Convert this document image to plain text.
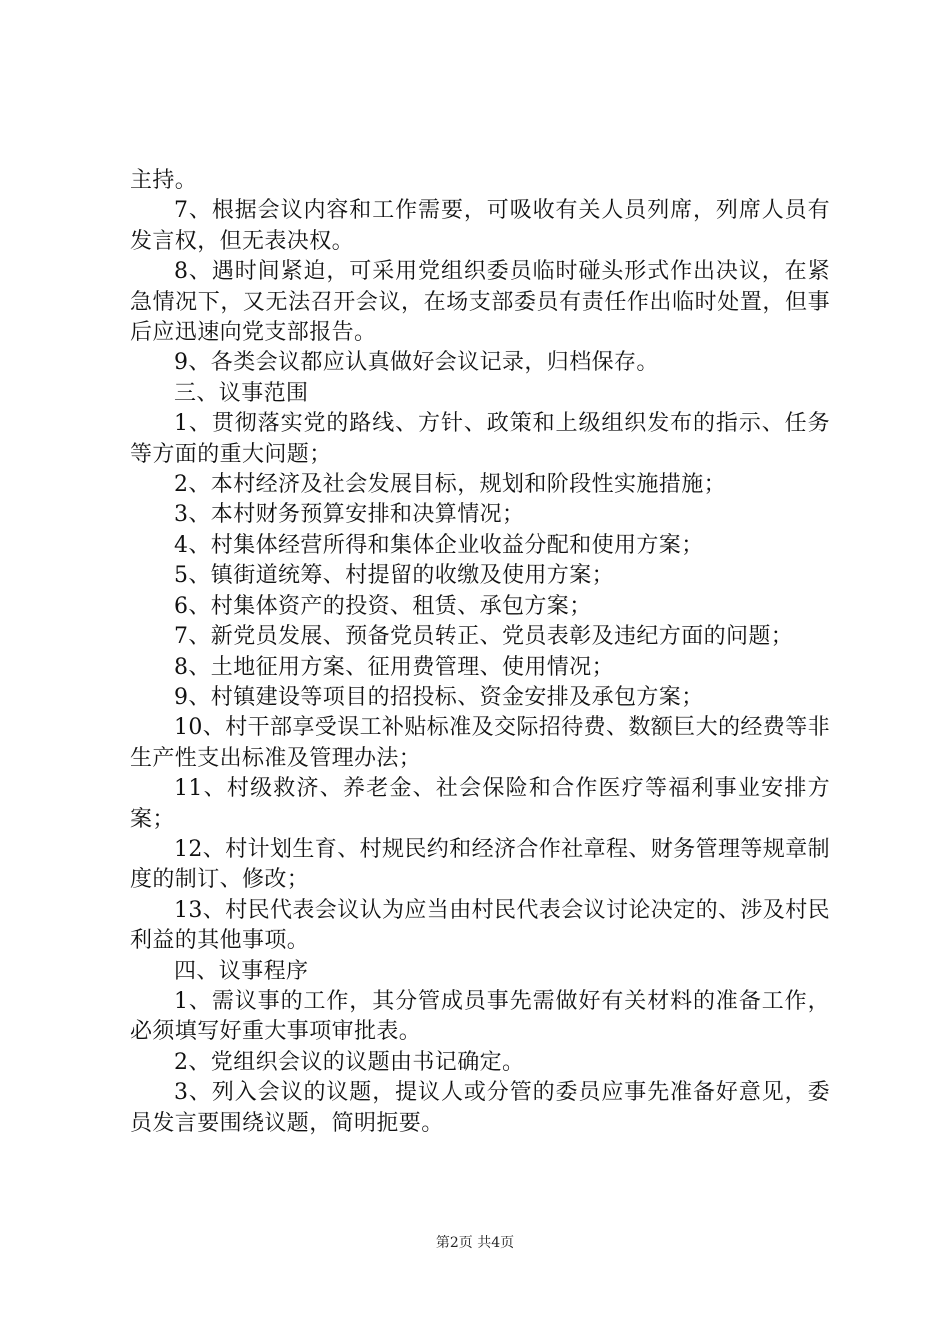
主持。

7、根据会议内容和工作需要，可吸收有关人员列席，列席人员有发言权，但无表决权。

8、遇时间紧迫，可采用党组织委员临时碰头形式作出决议，在紧急情况下，又无法召开会议，在场支部委员有责任作出临时处置，但事后应迅速向党支部报告。

9、各类会议都应认真做好会议记录，归档保存。

三、议事范围

1、贯彻落实党的路线、方针、政策和上级组织发布的指示、任务等方面的重大问题；

2、本村经济及社会发展目标，规划和阶段性实施措施；

3、本村财务预算安排和决算情况；

4、村集体经营所得和集体企业收益分配和使用方案；

5、镇街道统筹、村提留的收缴及使用方案；

6、村集体资产的投资、租赁、承包方案；

7、新党员发展、预备党员转正、党员表彰及违纪方面的问题；

8、土地征用方案、征用费管理、使用情况；

9、村镇建设等项目的招投标、资金安排及承包方案；

10、村干部享受误工补贴标准及交际招待费、数额巨大的经费等非生产性支出标准及管理办法；

11、村级救济、养老金、社会保险和合作医疗等福利事业安排方案；

12、村计划生育、村规民约和经济合作社章程、财务管理等规章制度的制订、修改；

13、村民代表会议认为应当由村民代表会议讨论决定的、涉及村民利益的其他事项。

四、议事程序

1、需议事的工作，其分管成员事先需做好有关材料的准备工作，必须填写好重大事项审批表。

2、党组织会议的议题由书记确定。

3、列入会议的议题，提议人或分管的委员应事先准备好意见，委员发言要围绕议题，简明扼要。

第2页 共4页
